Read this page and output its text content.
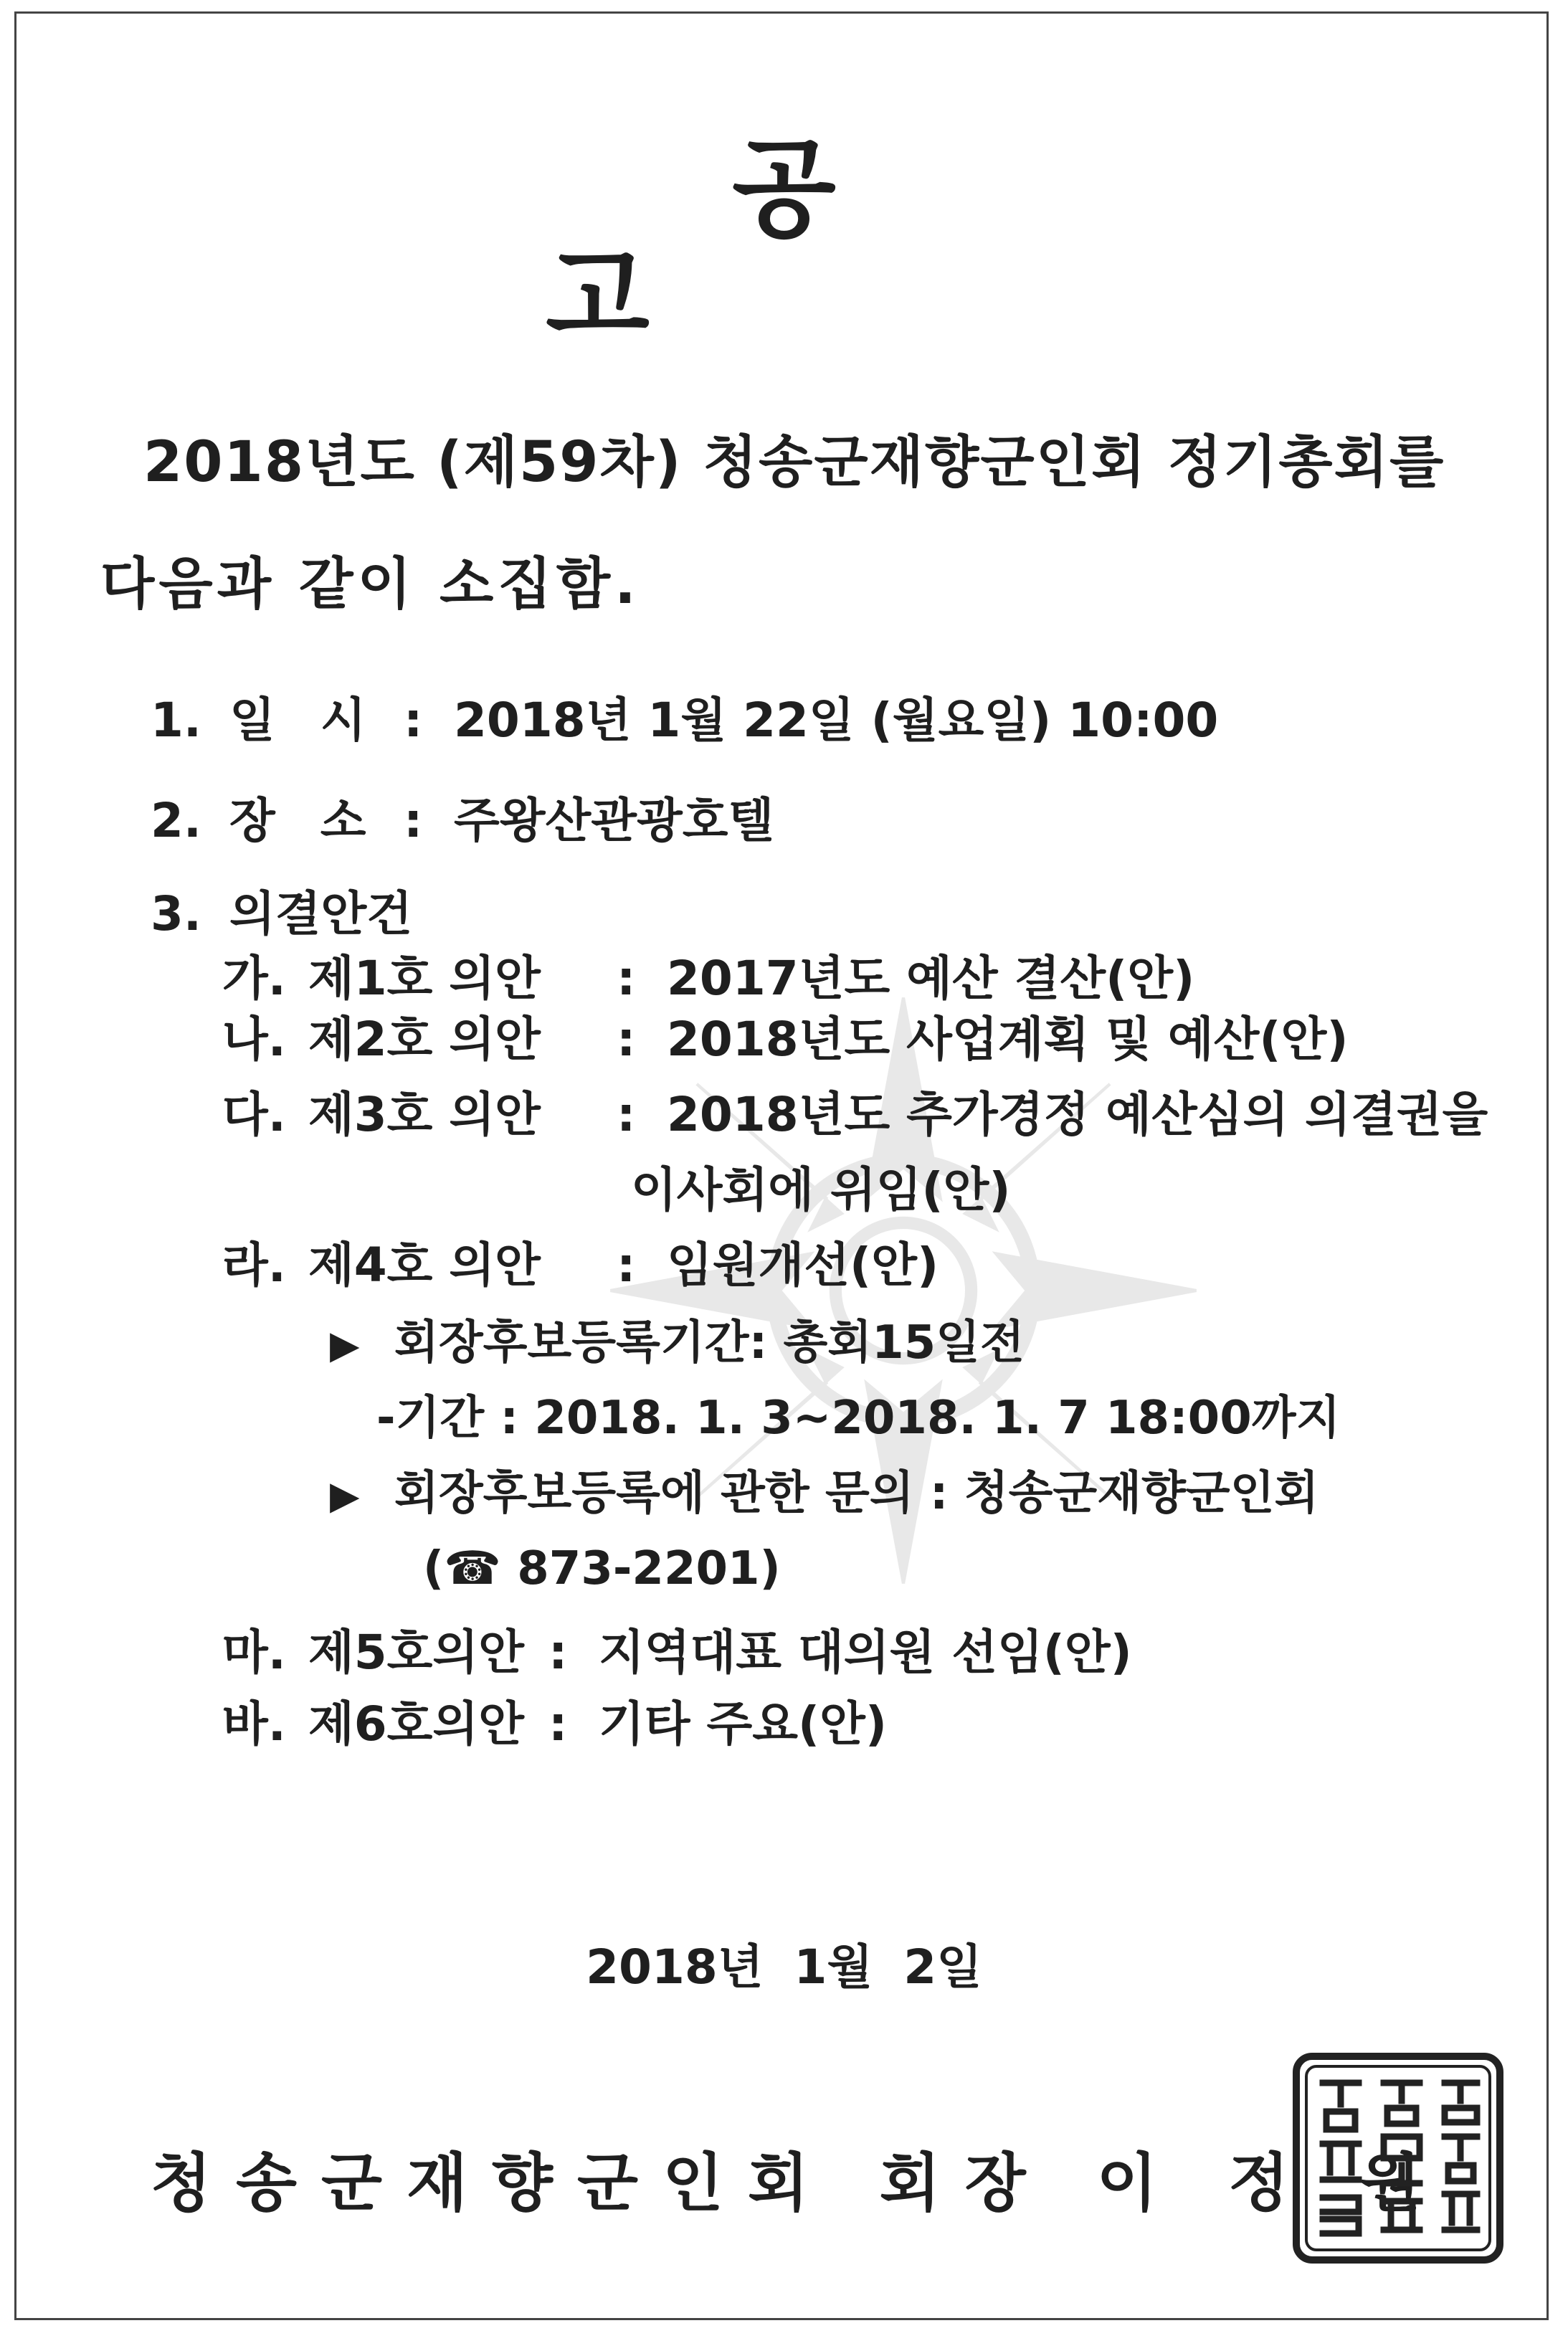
공 고
2018년도 (제59차) 청송군재향군인회 정기총회를
다음과 같이 소집함.
1. 일 시 : 2018년 1월 22일 (월요일) 10:00
2. 장 소 : 주왕산관광호텔
3. 의결안건
가. 제1호 의안 : 2017년도 예산 결산(안)
나. 제2호 의안 : 2018년도 사업계획 및 예산(안)
다. 제3호 의안 : 2018년도 추가경정 예산심의 의결권을
이사회에 위임(안)
라. 제4호 의안 : 임원개선(안)
▶ 회장후보등록기간: 총회15일전
-기간 : 2018. 1. 3~2018. 1. 7 18:00까지
▶ 회장후보등록에 관한 문의 : 청송군재향군인회
(☎ 873-2201)
마. 제5호의안 : 지역대표 대의원 선임(안)
바. 제6호의안 : 기타 주요(안)
2018년 1월 2일
청송군재향군인회 회장 이 정 원
